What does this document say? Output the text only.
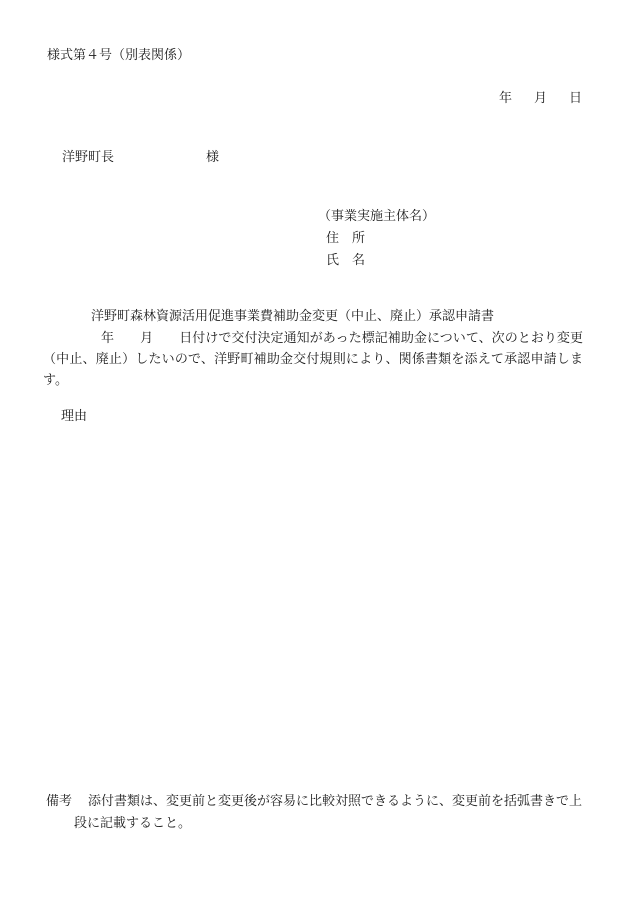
様式第４号（別表関係）
年 月 日
洋野町長	様
（事業実施主体名）
住　所
氏　名
洋野町森林資源活用促進事業費補助金変更（中止、廃止）承認申請書
年 月 日付けで交付決定通知があった標記補助金について、次のとおり変更（中止、廃止）したいので、洋野町補助金交付規則により、関係書類を添えて承認申請します。
理由
備考 添付書類は、変更前と変更後が容易に比較対照できるように、変更前を括弧書きで上
段に記載すること。
